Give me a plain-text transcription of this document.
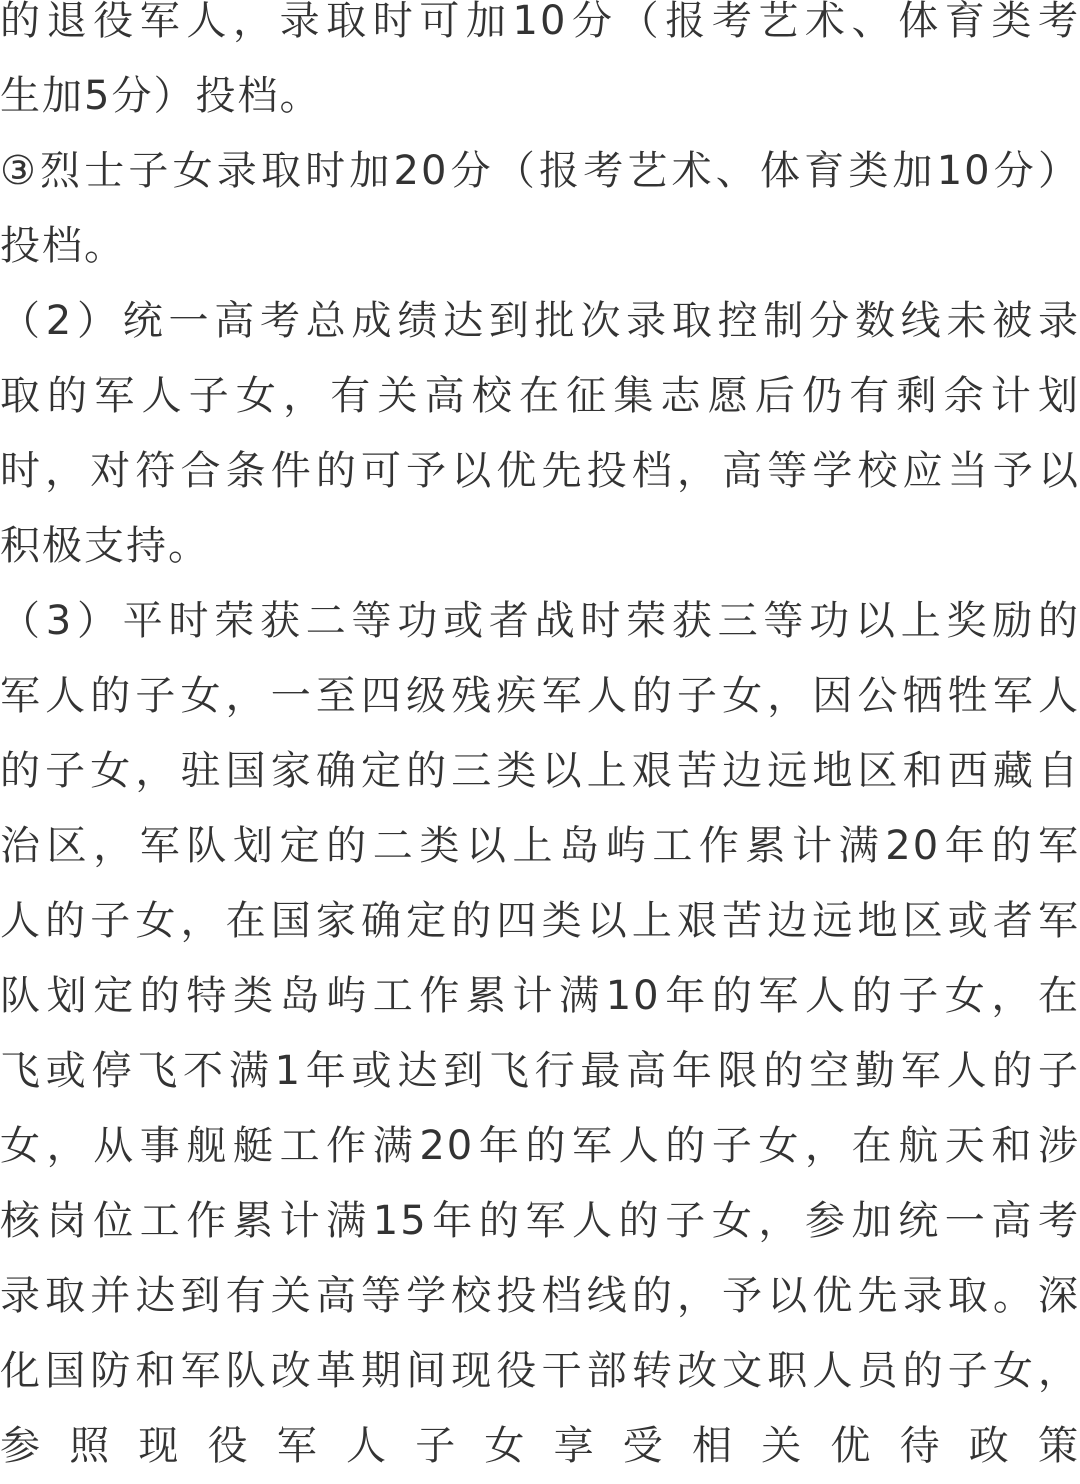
的退役军人，录取时可加10分（报考艺术、体育类考
生加5分）投档。
③烈士子女录取时加20分（报考艺术、体育类加10分）
投档。
（2）统一高考总成绩达到批次录取控制分数线未被录
取的军人子女，有关高校在征集志愿后仍有剩余计划
时，对符合条件的可予以优先投档，高等学校应当予以
积极支持。
（3）平时荣获二等功或者战时荣获三等功以上奖励的
军人的子女，一至四级残疾军人的子女，因公牺牲军人
的子女，驻国家确定的三类以上艰苦边远地区和西藏自
治区，军队划定的二类以上岛屿工作累计满20年的军
人的子女，在国家确定的四类以上艰苦边远地区或者军
队划定的特类岛屿工作累计满10年的军人的子女，在
飞或停飞不满1年或达到飞行最高年限的空勤军人的子
女，从事舰艇工作满20年的军人的子女，在航天和涉
核岗位工作累计满15年的军人的子女，参加统一高考
录取并达到有关高等学校投档线的，予以优先录取。深
化国防和军队改革期间现役干部转改文职人员的子女，
参照现役军人子女享受相关优待政策
